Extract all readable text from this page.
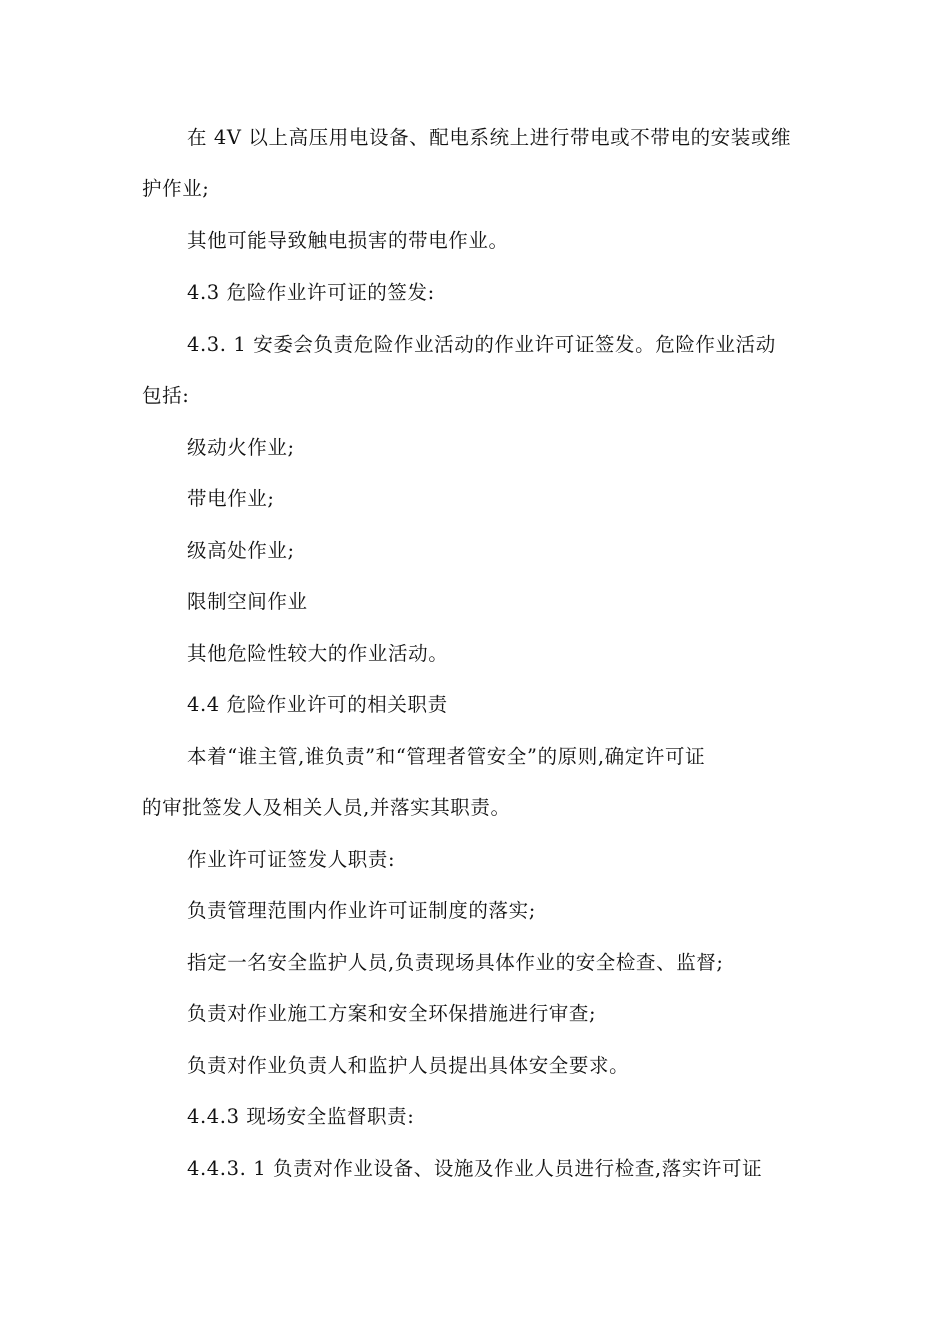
在 4V 以上高压用电设备、配电系统上进行带电或不带电的安装或维
护作业;
其他可能导致触电损害的带电作业。
4.3 危险作业许可证的签发:
4.3. 1 安委会负责危险作业活动的作业许可证签发。危险作业活动
包括:
级动火作业;
带电作业;
级高处作业;
限制空间作业
其他危险性较大的作业活动。
4.4 危险作业许可的相关职责
本着“谁主管,谁负责”和“管理者管安全”的原则,确定许可证
的审批签发人及相关人员,并落实其职责。
作业许可证签发人职责:
负责管理范围内作业许可证制度的落实;
指定一名安全监护人员,负责现场具体作业的安全检查、监督;
负责对作业施工方案和安全环保措施进行审查;
负责对作业负责人和监护人员提出具体安全要求。
4.4.3 现场安全监督职责:
4.4.3. 1 负责对作业设备、设施及作业人员进行检查,落实许可证
